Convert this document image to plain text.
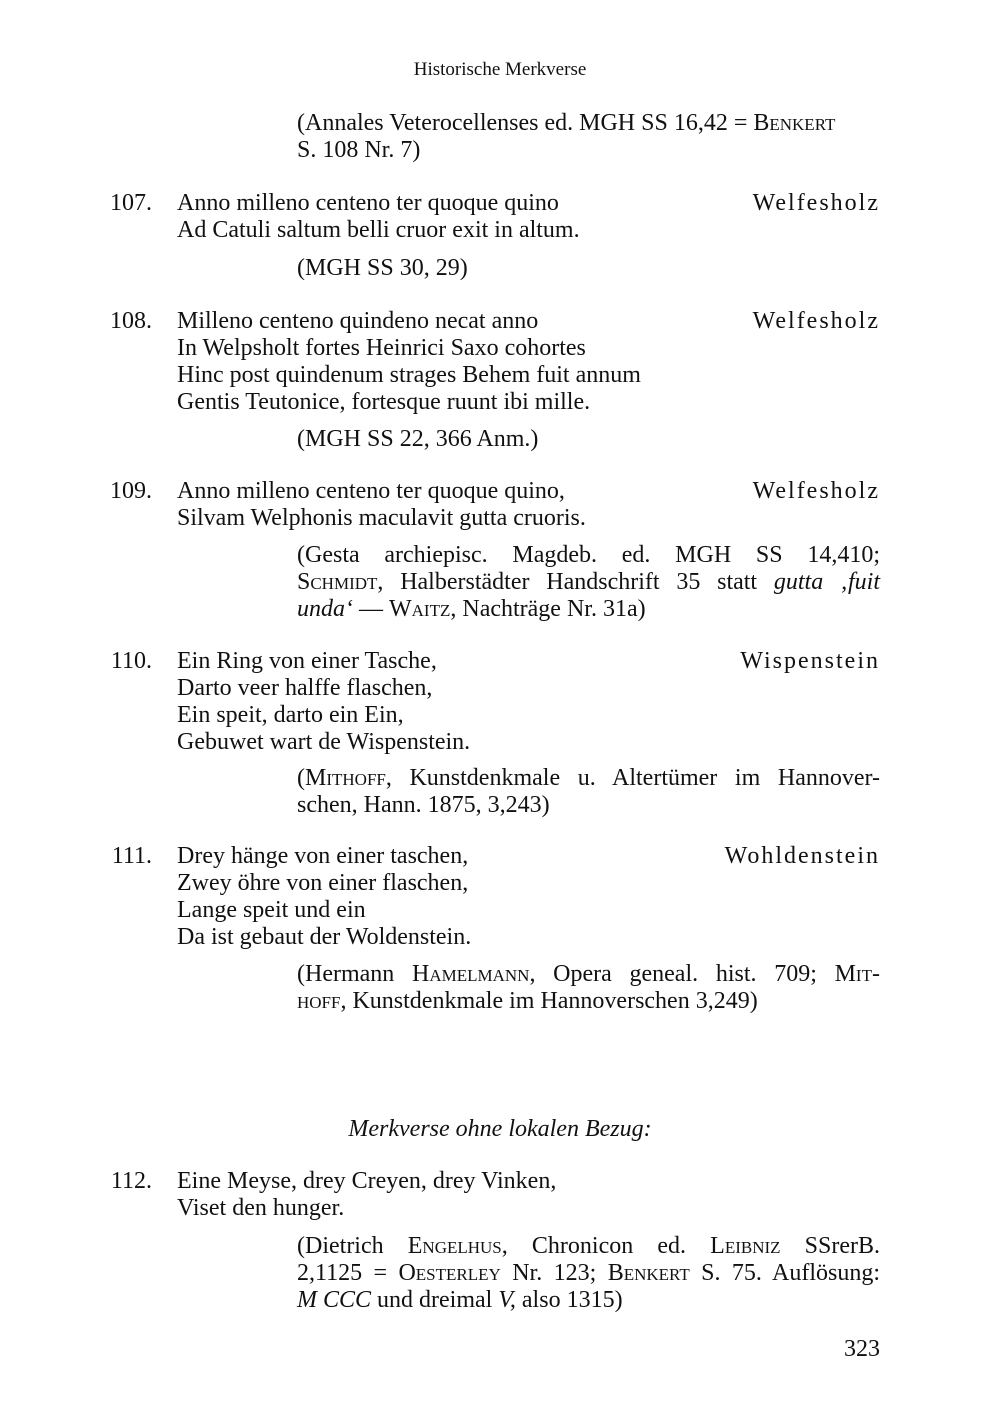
Historische Merkverse
(Annales Veterocellenses ed. MGH SS 16,42 = Benkert
S. 108 Nr. 7)
107. Anno milleno centeno ter quoque quino	Welfesholz
Ad Catuli saltum belli cruor exit in altum.
(MGH SS 30, 29)
108. Milleno centeno quindeno necat anno	Welfesholz
In Welpsholt fortes Heinrici Saxo cohortes
Hinc post quindenum strages Behem fuit annum
Gentis Teutonice, fortesque ruunt ibi mille.
(MGH SS 22, 366 Anm.)
109. Anno milleno centeno ter quoque quino,	Welfesholz
Silvam Welphonis maculavit gutta cruoris.
(Gesta archiepisc. Magdeb. ed. MGH SS 14,410;
Schmidt, Halberstädter Handschrift 35 statt gutta ‚fuit
unda‘ — Waitz, Nachträge Nr. 31a)
110. Ein Ring von einer Tasche,	Wispenstein
Darto veer halffe flaschen,
Ein speit, darto ein Ein,
Gebuwet wart de Wispenstein.
(Mithoff, Kunstdenkmale u. Altertümer im Hannover-
schen, Hann. 1875, 3,243)
111. Drey hänge von einer taschen,	Wohldenstein
Zwey öhre von einer flaschen,
Lange speit und ein
Da ist gebaut der Woldenstein.
(Hermann Hamelmann, Opera geneal. hist. 709; Mit-
hoff, Kunstdenkmale im Hannoverschen 3,249)
Merkverse ohne lokalen Bezug:
112. Eine Meyse, drey Creyen, drey Vinken,
Viset den hunger.
(Dietrich Engelhus, Chronicon ed. Leibniz SSrerB.
2,1125 = Oesterley Nr. 123; Benkert S. 75. Auflösung:
M CCC und dreimal V, also 1315)
323
